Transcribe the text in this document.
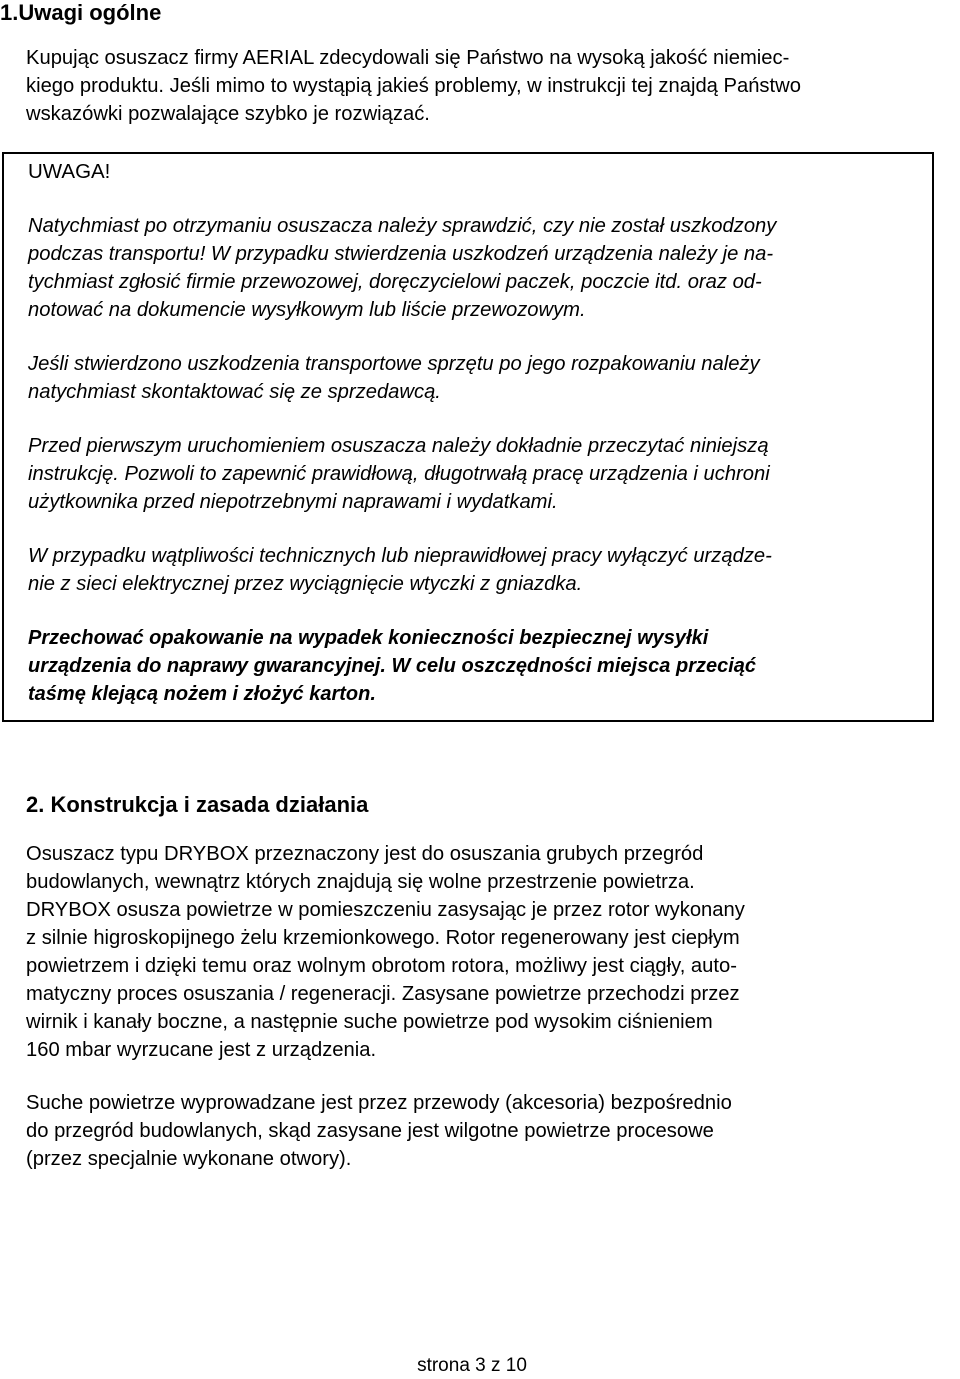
1.Uwagi ogólne

Kupując osuszacz firmy AERIAL zdecydowali się Państwo na wysoką jakość niemiec-
kiego produktu. Jeśli mimo to wystąpią jakieś problemy, w instrukcji tej znajdą Państwo
wskazówki pozwalające szybko je rozwiązać.

UWAGA!

Natychmiast po otrzymaniu osuszacza należy sprawdzić, czy nie został uszkodzony
podczas transportu! W przypadku stwierdzenia uszkodzeń urządzenia należy je na-
tychmiast zgłosić firmie przewozowej, doręczycielowi paczek, poczcie itd. oraz od-
notować na dokumencie wysyłkowym lub liście przewozowym.

Jeśli stwierdzono uszkodzenia transportowe sprzętu po jego rozpakowaniu należy
natychmiast skontaktować się ze sprzedawcą.

Przed pierwszym uruchomieniem osuszacza należy dokładnie przeczytać niniejszą
instrukcję. Pozwoli to zapewnić prawidłową, długotrwałą pracę urządzenia i uchroni
użytkownika przed niepotrzebnymi naprawami i wydatkami.

W przypadku wątpliwości technicznych lub nieprawidłowej pracy wyłączyć urządze-
nie z sieci elektrycznej przez wyciągnięcie wtyczki z gniazdka.

Przechować opakowanie na wypadek konieczności bezpiecznej wysyłki
urządzenia do naprawy gwarancyjnej. W celu oszczędności miejsca przeciąć
taśmę klejącą nożem i złożyć karton.

2. Konstrukcja i zasada działania

Osuszacz typu DRYBOX przeznaczony jest do osuszania grubych przegród
budowlanych, wewnątrz których znajdują się wolne przestrzenie powietrza.
DRYBOX osusza powietrze w pomieszczeniu zasysając je przez rotor wykonany
z silnie higroskopijnego żelu krzemionkowego. Rotor regenerowany jest ciepłym
powietrzem i dzięki temu oraz wolnym obrotom rotora, możliwy jest ciągły, auto-
matyczny proces osuszania / regeneracji. Zasysane powietrze przechodzi przez
wirnik i kanały boczne, a następnie suche powietrze pod wysokim ciśnieniem
160 mbar wyrzucane jest z urządzenia.

Suche powietrze wyprowadzane jest przez przewody (akcesoria) bezpośrednio
do przegród budowlanych, skąd zasysane jest wilgotne powietrze procesowe
(przez specjalnie wykonane otwory).

strona 3 z 10
